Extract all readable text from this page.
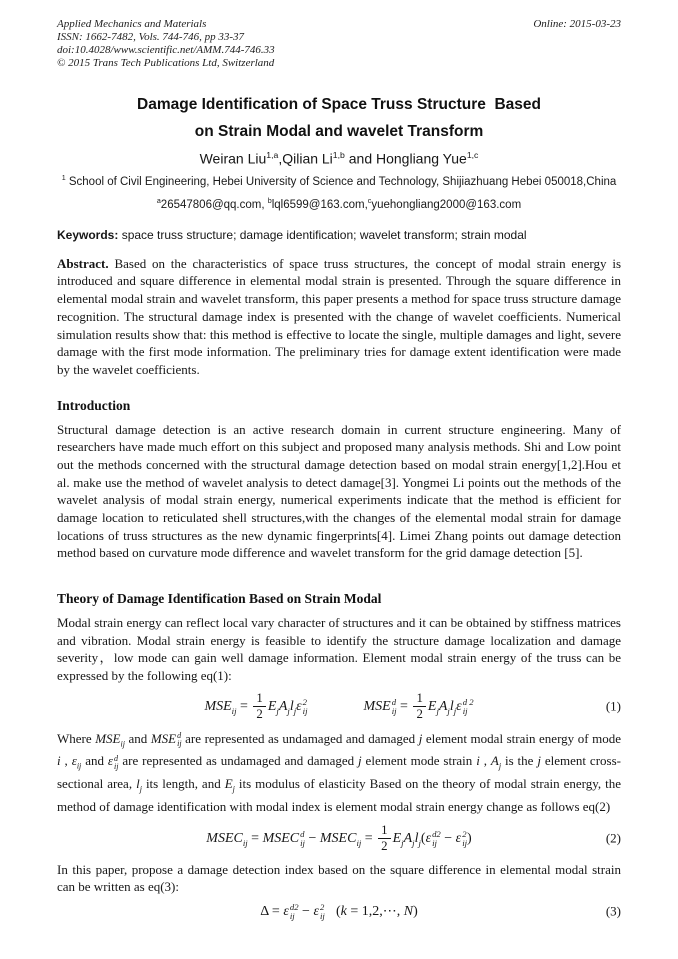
Applied Mechanics and Materials
ISSN: 1662-7482, Vols. 744-746, pp 33-37
doi:10.4028/www.scientific.net/AMM.744-746.33
© 2015 Trans Tech Publications Ltd, Switzerland
Online: 2015-03-23
Damage Identification of Space Truss Structure  Based
on Strain Modal and wavelet Transform

Weiran Liu$^{1,a}$,Qilian Li$^{1,b}$ and Hongliang Yue$^{1,c}$

$^1$ School of Civil Engineering, Hebei University of Science and Technology, Shijiazhuang Hebei 050018,China

$^a$26547806@qq.com, $^b$lql6599@163.com,$^c$yuehongliang2000@163.com

Keywords: space truss structure; damage identification; wavelet transform; strain modal

Abstract. Based on the characteristics of space truss structures, the concept of modal strain energy is introduced and square difference in elemental modal strain is presented. Through the square difference in elemental modal strain and wavelet transform, this paper presents a method for space truss structure damage recognition. The structural damage index is presented with the change of wavelet coefficients. Numerical simulation results show that: this method is effective to locate the single, multiple damages and light, severe damage with the first mode information. The preliminary tries for damage extent identification were made by the wavelet coefficients.

Introduction

Structural damage detection is an active research domain in current structure engineering. Many of researchers have made much effort on this subject and proposed many analysis methods. Shi and Low point out the methods concerned with the structural damage detection based on modal strain energy[1,2].Hou et al. make use the method of wavelet analysis to detect damage[3]. Yongmei Li points out the methods of the wavelet analysis of modal strain energy, numerical experiments indicate that the method is efficient for damage location to reticulated shell structures,with the changes of the elemental modal strain for damage locations of truss structures as the new dynamic fingerprints[4]. Limei Zhang points out damage detection method based on curvature mode difference and wavelet transform for the grid damage detection [5].

Theory of Damage Identification Based on Strain Modal

Modal strain energy can reflect local vary character of structures and it can be obtained by stiffness matrices and vibration. Modal strain energy is feasible to identify the structure damage localization and damage severity，low mode can gain well damage information. Element modal strain energy of the truss can be expressed by the following eq(1):

$MSE_{ij} = \frac{1}{2} E_jA_jl_j\varepsilon$ 2
ij	MSE d
ij = $\frac{1}{2} E_jA_jl_j\varepsilon$ d 2
ij	(1)

Where $MSE_{ij}$ and MSE d
ij are represented as undamaged and damaged j element modal strain energy of mode i , $\varepsilon_{ij}$ and ε d
ij are represented as undamaged and damaged j element mode strain i , $A_j$ is the j element cross-sectional area, $l_j$ its length, and $E_j$ its modulus of elasticity Based on the theory of modal strain energy, the method of damage identification with modal index is element modal strain energy change as follows eq(2)

$MSEC_{ij}$ = MSEC d
ij − $MSEC_{ij} = \frac{1}{2} E_jA_jl_j(\varepsilon$ d2
ij − ε 2
ij )	(2)

In this paper, propose a damage detection index based on the square difference in elemental modal strain can be written as eq(3):

Δ = ε d2
ij − ε 2
ij (k = 1,2,⋯, N)	(3)
